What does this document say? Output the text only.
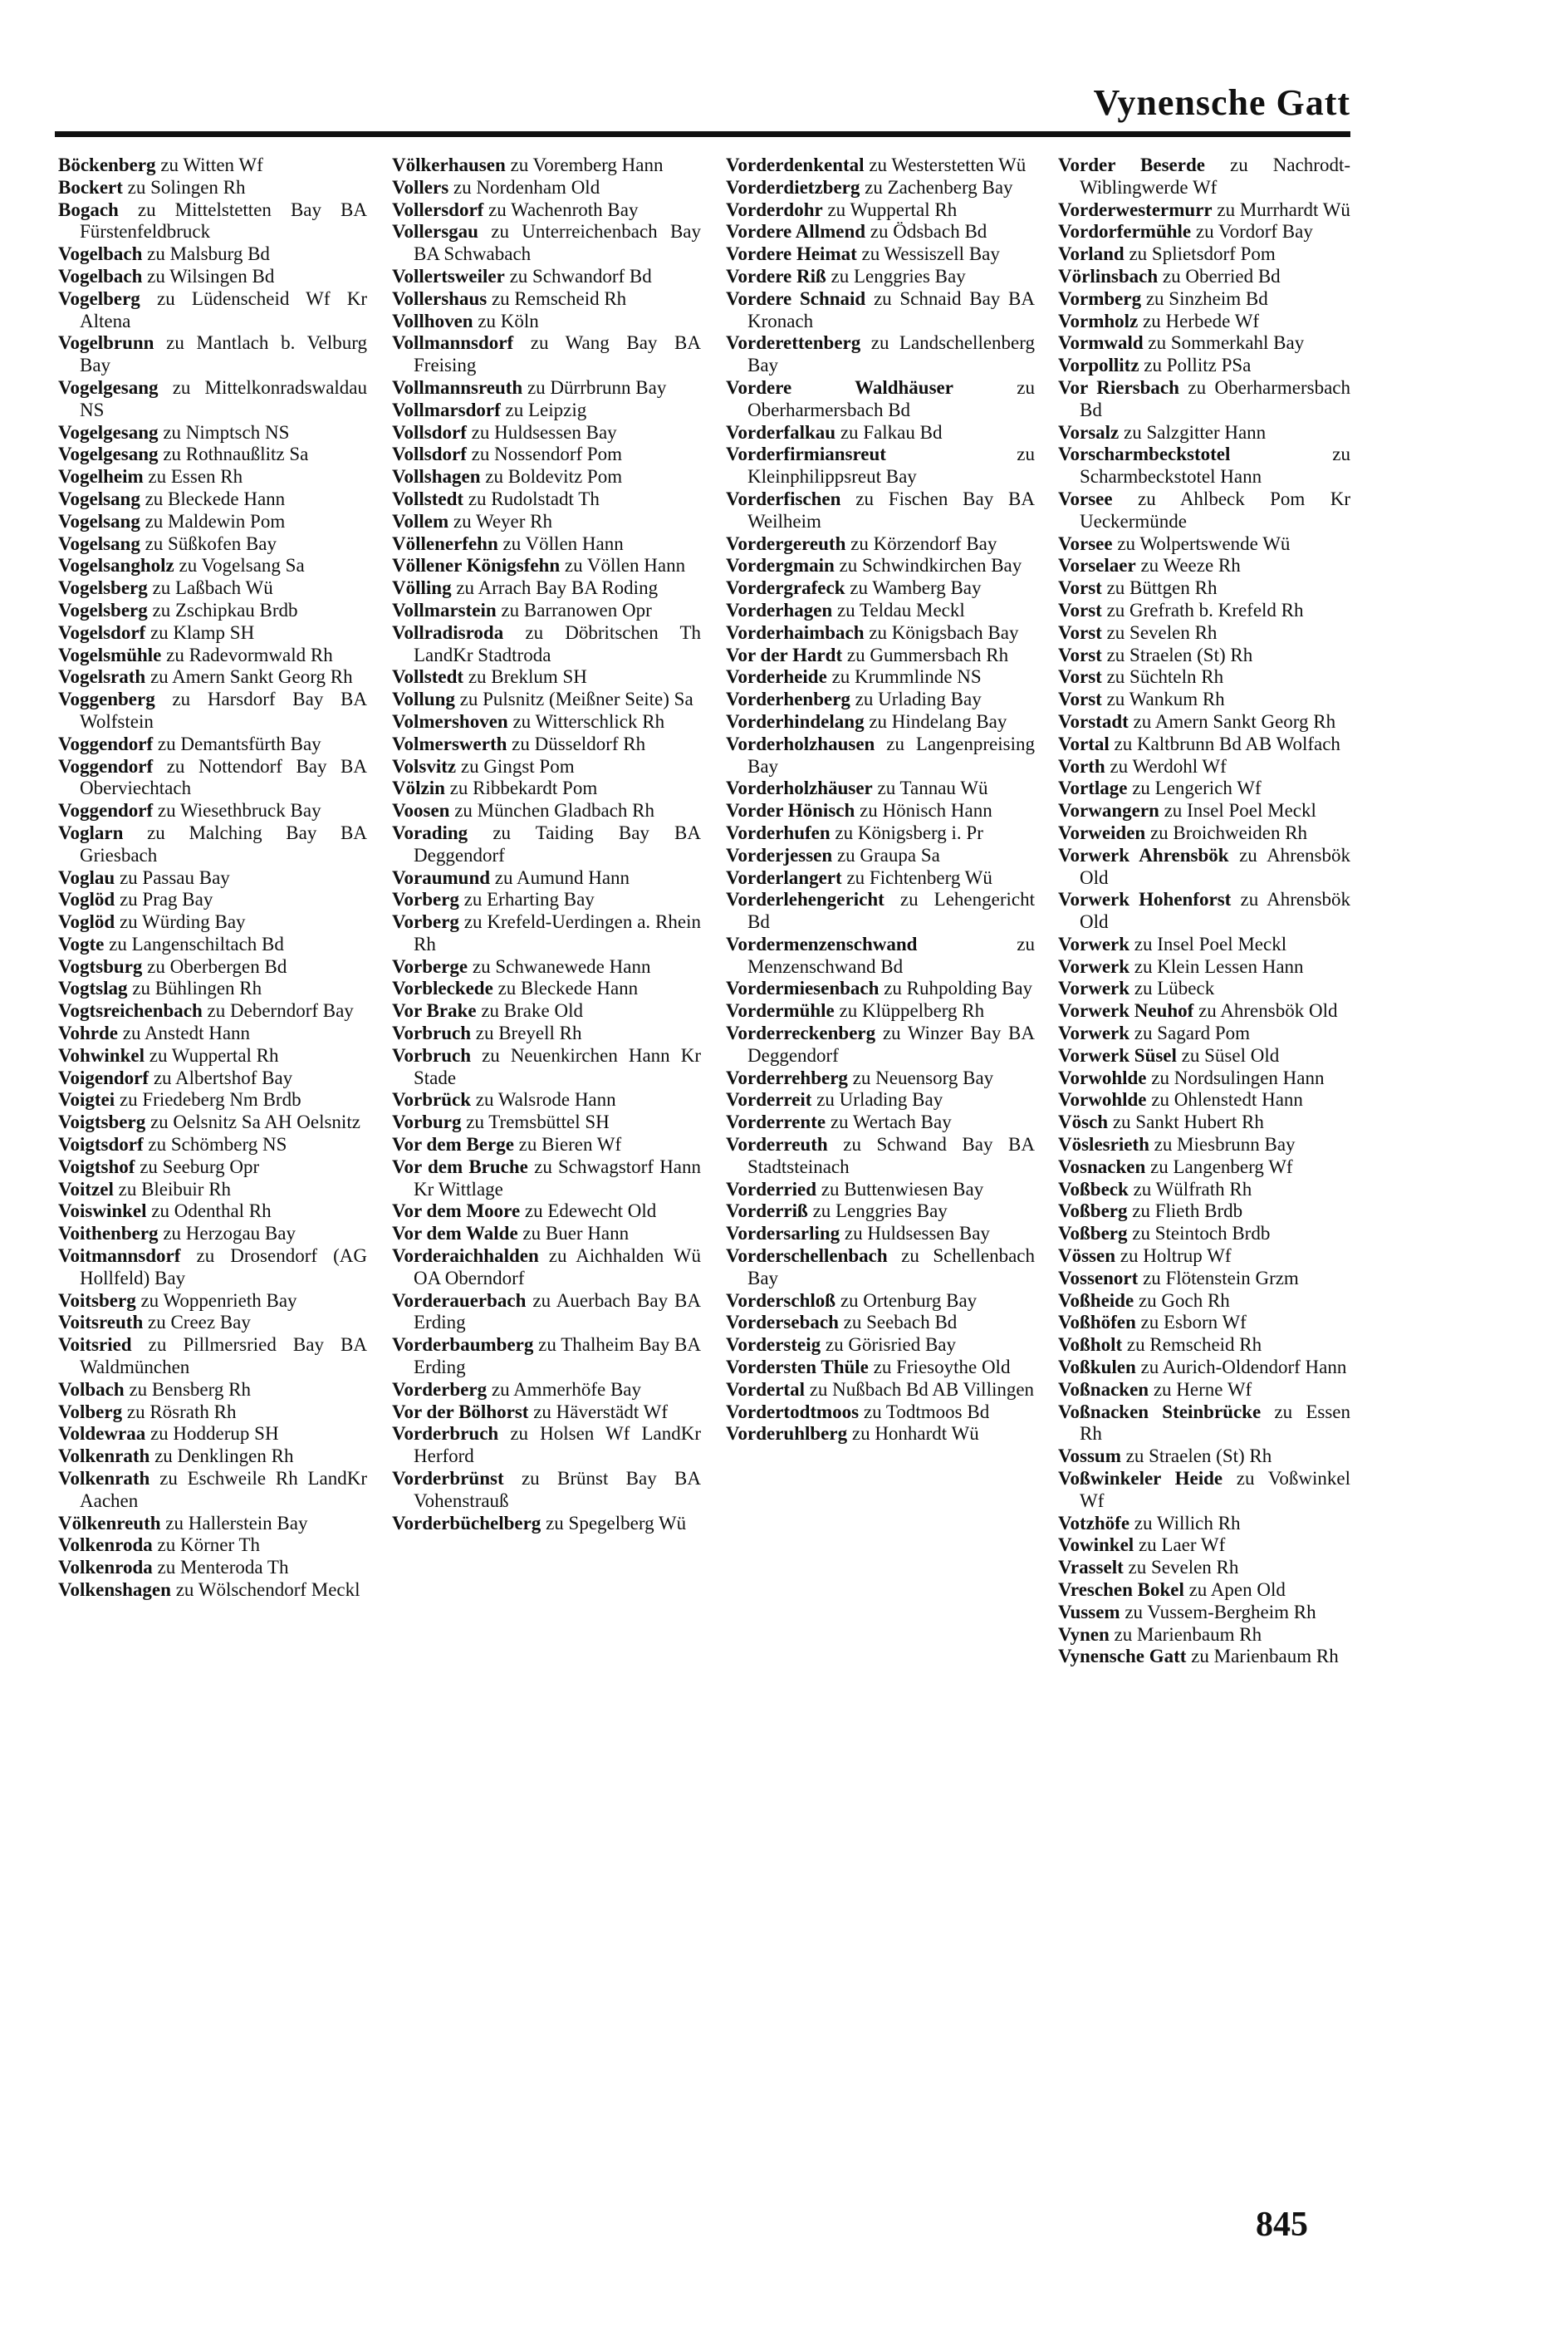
Vynensche Gatt
Böckenberg zu Witten Wf
Bockert zu Solingen Rh
Bogach zu Mittelstetten Bay BA Fürstenfeldbruck
Vogelbach zu Malsburg Bd
Vogelbach zu Wilsingen Bd
Vogelberg zu Lüdenscheid Wf Kr Altena
Vogelbrunn zu Mantlach b. Velburg Bay
Vogelgesang zu Mittelkonradswaldau NS
Vogelgesang zu Nimptsch NS
Vogelgesang zu Rothnaußlitz Sa
Vogelheim zu Essen Rh
Vogelsang zu Bleckede Hann
Vogelsang zu Maldewin Pom
Vogelsang zu Süßkofen Bay
Vogelsangholz zu Vogelsang Sa
Vogelsberg zu Laßbach Wü
Vogelsberg zu Zschipkau Brdb
Vogelsdorf zu Klamp SH
Vogelsmühle zu Radevormwald Rh
Vogelsrath zu Amern Sankt Georg Rh
Voggenberg zu Harsdorf Bay BA Wolfstein
Voggendorf zu Demantsfürth Bay
Voggendorf zu Nottendorf Bay BA Oberviechtach
Voggendorf zu Wiesethbruck Bay
Voglarn zu Malching Bay BA Griesbach
Voglau zu Passau Bay
Voglöd zu Prag Bay
Voglöd zu Würding Bay
Vogte zu Langenschiltach Bd
Vogtsburg zu Oberbergen Bd
Vogtslag zu Bühlingen Rh
Vogtsreichenbach zu Deberndorf Bay
Vohrde zu Anstedt Hann
Vohwinkel zu Wuppertal Rh
Voigendorf zu Albertshof Bay
Voigtei zu Friedeberg Nm Brdb
Voigtsberg zu Oelsnitz Sa AH Oelsnitz
Voigtsdorf zu Schömberg NS
Voigtshof zu Seeburg Opr
Voitzel zu Bleibuir Rh
Voiswinkel zu Odenthal Rh
Voithenberg zu Herzogau Bay
Voitmannsdorf zu Drosendorf (AG Hollfeld) Bay
Voitsberg zu Woppenrieth Bay
Voitsreuth zu Creez Bay
Voitsried zu Pillmersried Bay BA Waldmünchen
Volbach zu Bensberg Rh
Volberg zu Rösrath Rh
Voldewraa zu Hodderup SH
Volkenrath zu Denklingen Rh
Volkenrath zu Eschweile Rh LandKr Aachen
Völkenreuth zu Hallerstein Bay
Volkenroda zu Körner Th
Volkenroda zu Menteroda Th
Volkenshagen zu Wölschendorf Meckl
Völkerhausen zu Voremberg Hann
Vollers zu Nordenham Old
Vollersdorf zu Wachenroth Bay
Vollersgau zu Unterreichenbach Bay BA Schwabach
Vollertsweiler zu Schwandorf Bd
Vollershaus zu Remscheid Rh
Vollhoven zu Köln
Vollmannsdorf zu Wang Bay BA Freising
Vollmannsreuth zu Dürrbrunn Bay
Vollmarsdorf zu Leipzig
Vollsdorf zu Huldsessen Bay
Vollsdorf zu Nossendorf Pom
Vollshagen zu Boldevitz Pom
Vollstedt zu Rudolstadt Th
Vollem zu Weyer Rh
Völlenerfehn zu Völlen Hann
Völlener Königsfehn zu Völlen Hann
Völling zu Arrach Bay BA Roding
Vollmarstein zu Barranowen Opr
Vollradisroda zu Döbritschen Th LandKr Stadtroda
Vollstedt zu Breklum SH
Vollung zu Pulsnitz (Meißner Seite) Sa
Volmershoven zu Witterschlick Rh
Volmerswerth zu Düsseldorf Rh
Volsvitz zu Gingst Pom
Völzin zu Ribbekardt Pom
Voosen zu München Gladbach Rh
Vorading zu Taiding Bay BA Deggendorf
Voraumund zu Aumund Hann
Vorberg zu Erharting Bay
Vorberg zu Krefeld-Uerdingen a. Rhein Rh
Vorberge zu Schwanewede Hann
Vorbleckede zu Bleckede Hann
Vor Brake zu Brake Old
Vorbruch zu Breyell Rh
Vorbruch zu Neuenkirchen Hann Kr Stade
Vorbrück zu Walsrode Hann
Vorburg zu Tremsbüttel SH
Vor dem Berge zu Bieren Wf
Vor dem Bruche zu Schwagstorf Hann Kr Wittlage
Vor dem Moore zu Edewecht Old
Vor dem Walde zu Buer Hann
Vorderaichhalden zu Aichhalden Wü OA Oberndorf
Vorderauerbach zu Auerbach Bay BA Erding
Vorderbaumberg zu Thalheim Bay BA Erding
Vorderberg zu Ammerhöfe Bay
Vor der Bölhorst zu Häverstädt Wf
Vorderbruch zu Holsen Wf LandKr Herford
Vorderbrünst zu Brünst Bay BA Vohenstrauß
Vorderbüchelberg zu Spegelberg Wü
Vorderdenkental zu Westerstetten Wü
Vorderdietzberg zu Zachenberg Bay
Vorderdohr zu Wuppertal Rh
Vordere Allmend zu Ödsbach Bd
Vordere Heimat zu Wessiszell Bay
Vordere Riß zu Lenggries Bay
Vordere Schnaid zu Schnaid Bay BA Kronach
Vorderettenberg zu Landschellenberg Bay
Vordere Waldhäuser	zu Oberharmersbach Bd
Vorderfalkau zu Falkau Bd
Vorderfirmiansreut	zu Kleinphilippsreut Bay
Vorderfischen zu Fischen Bay BA Weilheim
Vordergereuth zu Körzendorf Bay
Vordergmain zu Schwindkirchen Bay
Vordergrafeck zu Wamberg Bay
Vorderhagen zu Teldau Meckl
Vorderhaimbach zu Königsbach Bay
Vor der Hardt zu Gummersbach Rh
Vorderheide zu Krummlinde NS
Vorderhenberg zu Urlading Bay
Vorderhindelang zu Hindelang Bay
Vorderholzhausen zu Langenpreising Bay
Vorderholzhäuser zu Tannau Wü
Vorder Hönisch zu Hönisch Hann
Vorderhufen zu Königsberg i. Pr
Vorderjessen zu Graupa Sa
Vorderlangert zu Fichtenberg Wü
Vorderlehengericht zu Lehengericht Bd
Vordermenzenschwand	zu Menzenschwand Bd
Vordermiesenbach zu Ruhpolding Bay
Vordermühle zu Klüppelberg Rh
Vorderreckenberg zu Winzer Bay BA Deggendorf
Vorderrehberg zu Neuensorg Bay
Vorderreit zu Urlading Bay
Vorderrente zu Wertach Bay
Vorderreuth zu Schwand Bay BA Stadtsteinach
Vorderried zu Buttenwiesen Bay
Vorderriß zu Lenggries Bay
Vordersarling zu Huldsessen Bay
Vorderschellenbach zu Schellenbach Bay
Vorderschloß zu Ortenburg Bay
Vordersebach zu Seebach Bd
Vordersteig zu Görisried Bay
Vordersten Thüle zu Friesoythe Old
Vordertal zu Nußbach Bd AB Villingen
Vordertodtmoos zu Todtmoos Bd
Vorderuhlberg zu Honhardt Wü
Vorder Beserde zu Nachrodt-Wiblingwerde Wf
Vorderwestermurr zu Murrhardt Wü
Vordorfermühle zu Vordorf Bay
Vorland zu Splietsdorf Pom
Vörlinsbach zu Oberried Bd
Vormberg zu Sinzheim Bd
Vormholz zu Herbede Wf
Vormwald zu Sommerkahl Bay
Vorpollitz zu Pollitz PSa
Vor Riersbach zu Oberharmersbach Bd
Vorsalz zu Salzgitter Hann
Vorscharmbeckstotel	zu Scharmbeckstotel Hann
Vorsee zu Ahlbeck Pom Kr Ueckermünde
Vorsee zu Wolpertswende Wü
Vorselaer zu Weeze Rh
Vorst zu Büttgen Rh
Vorst zu Grefrath b. Krefeld Rh
Vorst zu Sevelen Rh
Vorst zu Straelen (St) Rh
Vorst zu Süchteln Rh
Vorst zu Wankum Rh
Vorstadt zu Amern Sankt Georg Rh
Vortal zu Kaltbrunn Bd AB Wolfach
Vorth zu Werdohl Wf
Vortlage zu Lengerich Wf
Vorwangern zu Insel Poel Meckl
Vorweiden zu Broichweiden Rh
Vorwerk Ahrensbök zu Ahrensbök Old
Vorwerk Hohenforst zu Ahrensbök Old
Vorwerk zu Insel Poel Meckl
Vorwerk zu Klein Lessen Hann
Vorwerk zu Lübeck
Vorwerk Neuhof zu Ahrensbök Old
Vorwerk zu Sagard Pom
Vorwerk Süsel zu Süsel Old
Vorwohlde zu Nordsulingen Hann
Vorwohlde zu Ohlenstedt Hann
Vösch zu Sankt Hubert Rh
Vöslesrieth zu Miesbrunn Bay
Vosnacken zu Langenberg Wf
Voßbeck zu Wülfrath Rh
Voßberg zu Flieth Brdb
Voßberg zu Steintoch Brdb
Vössen zu Holtrup Wf
Vossenort zu Flötenstein Grzm
Voßheide zu Goch Rh
Voßhöfen zu Esborn Wf
Voßholt zu Remscheid Rh
Voßkulen zu Aurich-Oldendorf Hann
Voßnacken zu Herne Wf
Voßnacken Steinbrücke zu Essen Rh
Vossum zu Straelen (St) Rh
Voßwinkeler Heide zu Voßwinkel Wf
Votzhöfe zu Willich Rh
Vowinkel zu Laer Wf
Vrasselt zu Sevelen Rh
Vreschen Bokel zu Apen Old
Vussem zu Vussem-Bergheim Rh
Vynen zu Marienbaum Rh
Vynensche Gatt zu Marienbaum Rh
845
